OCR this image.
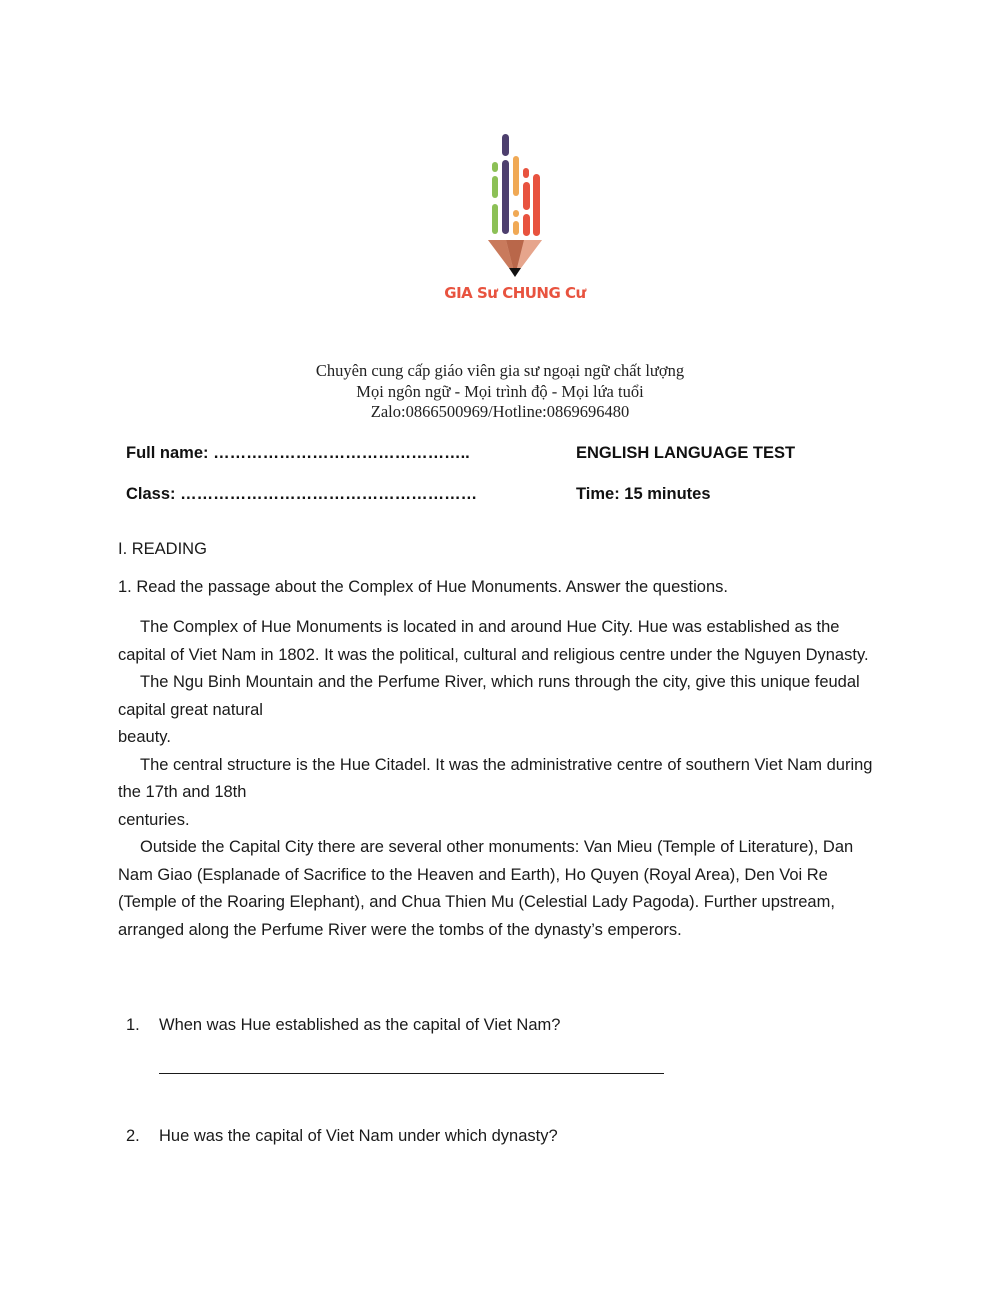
GIA Sư CHUNG Cư
Chuyên cung cấp giáo viên gia sư ngoại ngữ chất lượng
Mọi ngôn ngữ - Mọi trình độ - Mọi lứa tuổi
Zalo:0866500969/Hotline:0869696480
Full name: ………………………………………..	ENGLISH LANGUAGE TEST
Class: ………………………………………………	Time: 15 minutes
I. READING
1. Read the passage about the Complex of Hue Monuments. Answer the questions.

The Complex of Hue Monuments is located in and around Hue City. Hue was established as the capital of Viet Nam in 1802. It was the political, cultural and religious centre under the Nguyen Dynasty.

The Ngu Binh Mountain and the Perfume River, which runs through the city, give this unique feudal capital great natural

beauty.

The central structure is the Hue Citadel. It was the administrative centre of southern Viet Nam during the 17th and 18th

centuries.

Outside the Capital City there are several other monuments: Van Mieu (Temple of Literature), Dan Nam Giao (Esplanade of Sacrifice to the Heaven and Earth), Ho Quyen (Royal Area), Den Voi Re (Temple of the Roaring Elephant), and Chua Thien Mu (Celestial Lady Pagoda). Further upstream, arranged along the Perfume River were the tombs of the dynasty’s emperors.

1. When was Hue established as the capital of Viet Nam?
2. Hue was the capital of Viet Nam under which dynasty?
